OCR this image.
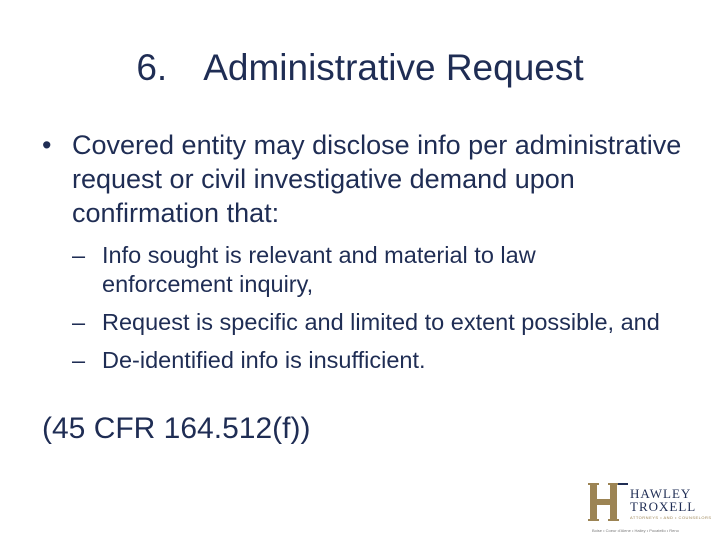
6. Administrative Request
• Covered entity may disclose info per administrative request or civil investigative demand upon confirmation that:
– Info sought is relevant and material to law enforcement inquiry,
– Request is specific and limited to extent possible, and
– De-identified info is insufficient.
(45 CFR 164.512(f))
HAWLEY
TROXELL
ATTORNEYS • AND • COUNSELORS
Boise • Coeur d'Alene • Hailey • Pocatello • Reno
